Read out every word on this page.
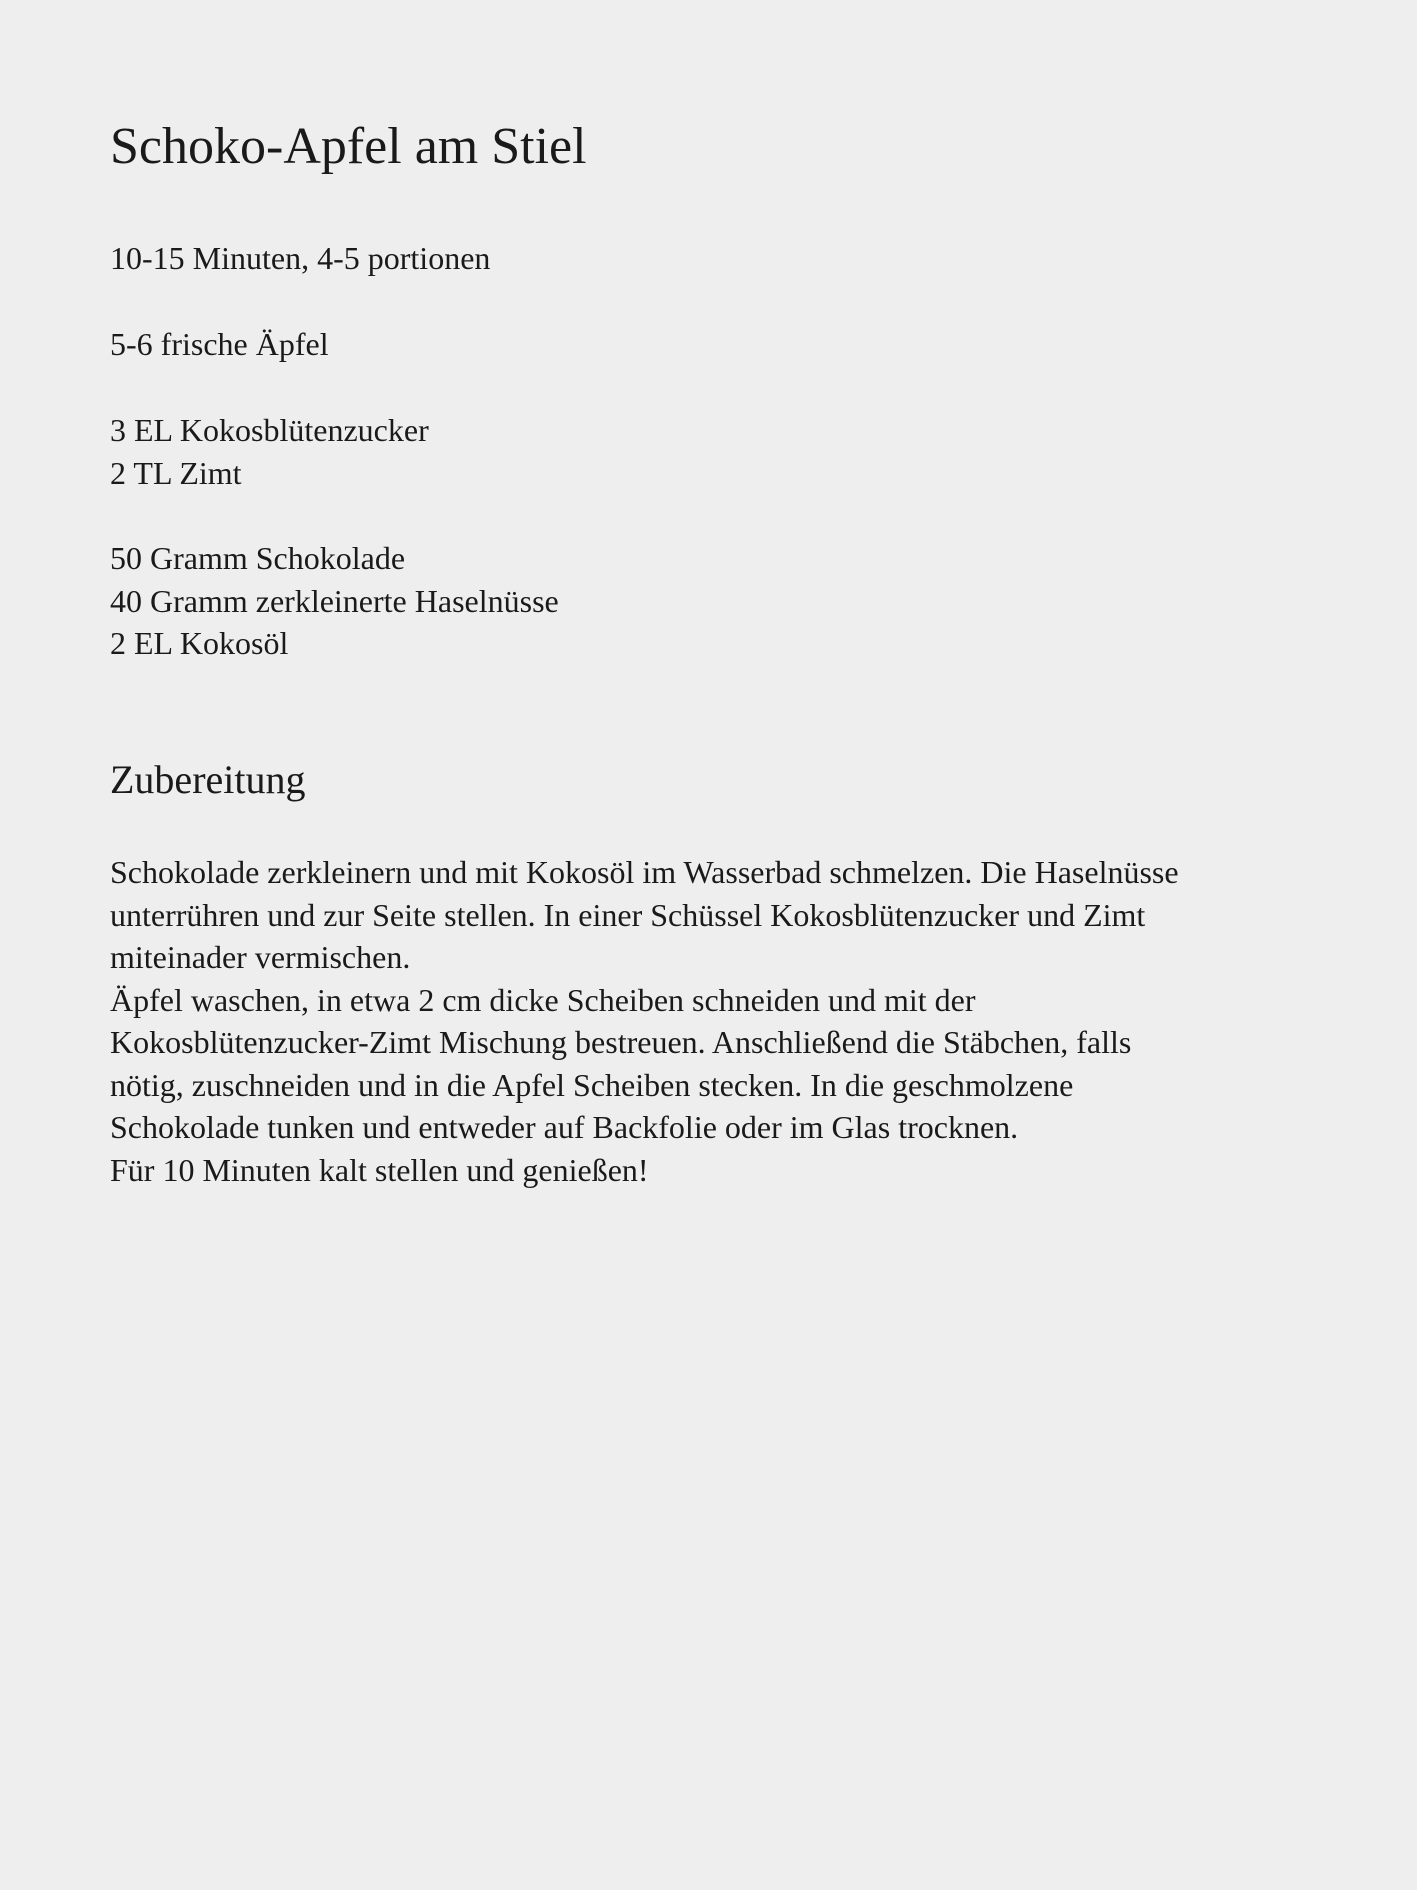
Schoko-Apfel am Stiel

10-15 Minuten, 4-5 portionen

5-6 frische Äpfel
3 EL Kokosblütenzucker
2 TL Zimt
50 Gramm Schokolade
40 Gramm zerkleinerte Haselnüsse
2 EL Kokosöl
Zubereitung
Schokolade zerkleinern und mit Kokosöl im Wasserbad schmelzen. Die Haselnüsse
unterrühren und zur Seite stellen. In einer Schüssel Kokosblütenzucker und Zimt
miteinader vermischen.
Äpfel waschen, in etwa 2 cm dicke Scheiben schneiden und mit der
Kokosblütenzucker-Zimt Mischung bestreuen. Anschließend die Stäbchen, falls
nötig, zuschneiden und in die Apfel Scheiben stecken. In die geschmolzene
Schokolade tunken und entweder auf Backfolie oder im Glas trocknen.
Für 10 Minuten kalt stellen und genießen!
